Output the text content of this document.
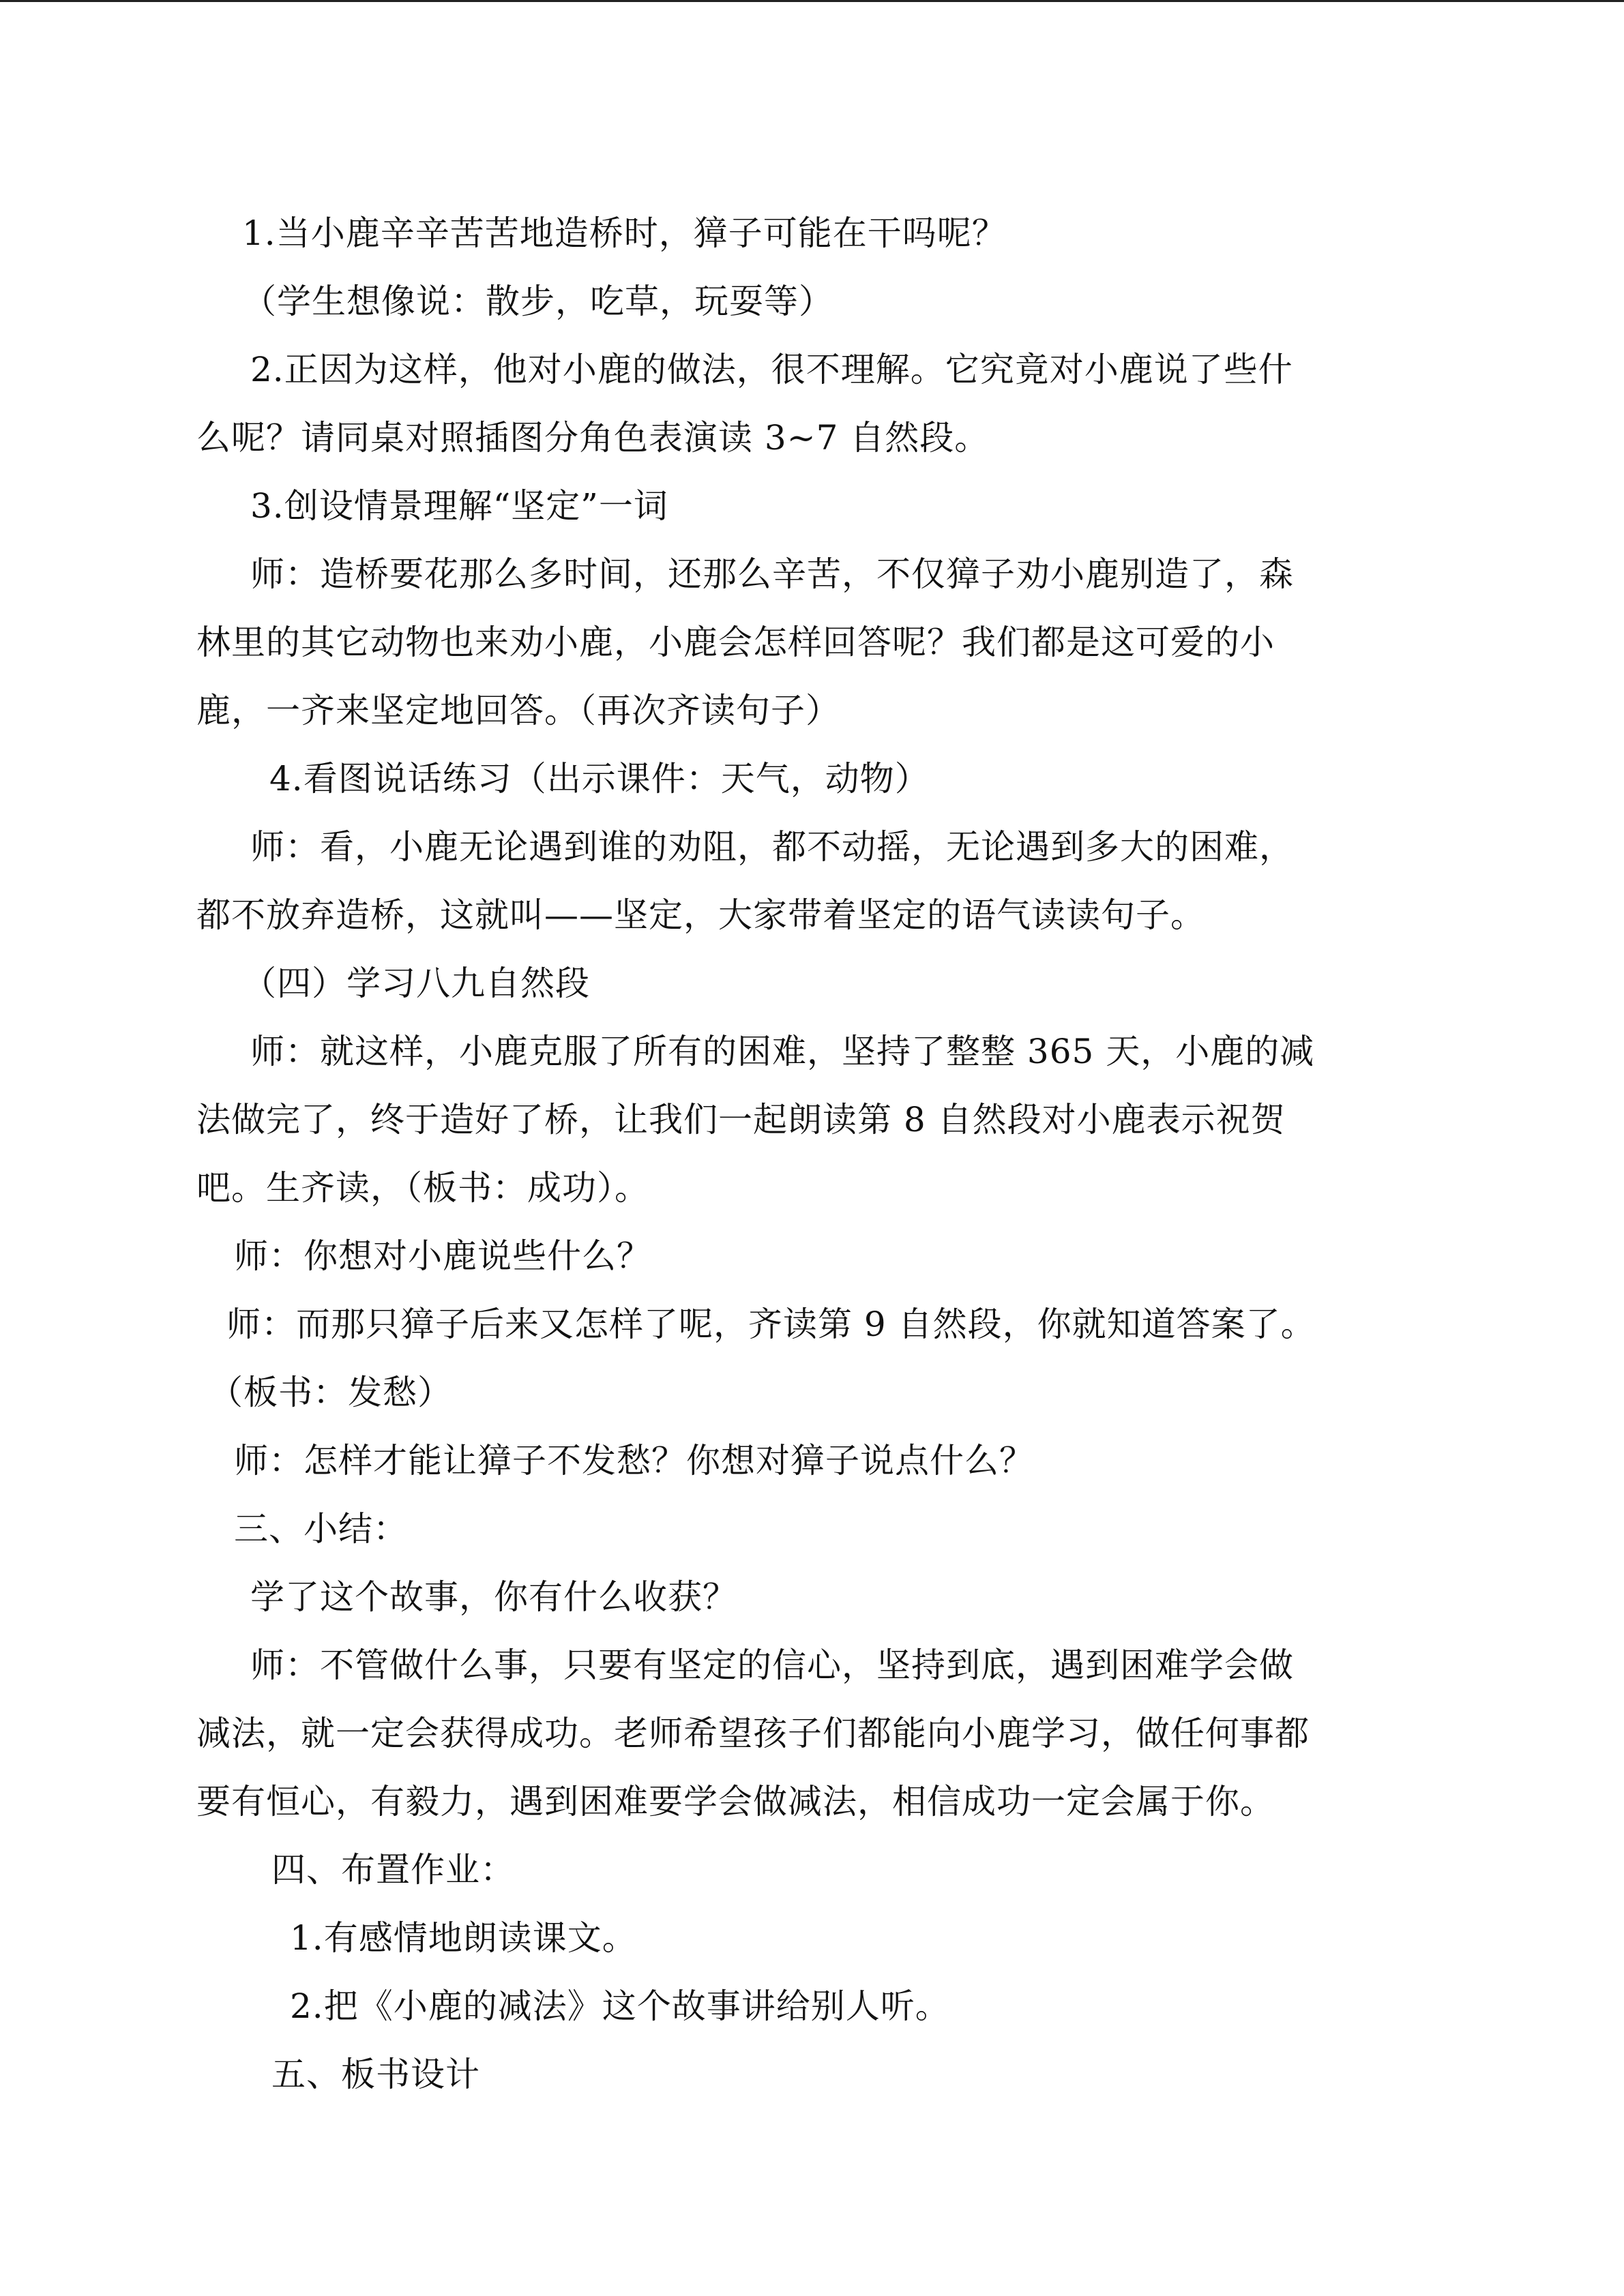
1.当小鹿辛辛苦苦地造桥时，獐子可能在干吗呢？
（学生想像说：散步，吃草，玩耍等）
2.正因为这样，他对小鹿的做法，很不理解。它究竟对小鹿说了些什
么呢？请同桌对照插图分角色表演读 3~7 自然段。
3.创设情景理解“坚定”一词
师：造桥要花那么多时间，还那么辛苦，不仅獐子劝小鹿别造了，森
林里的其它动物也来劝小鹿，小鹿会怎样回答呢？我们都是这可爱的小
鹿，一齐来坚定地回答。（再次齐读句子）
4.看图说话练习（出示课件：天气，动物）
师：看，小鹿无论遇到谁的劝阻，都不动摇，无论遇到多大的困难，
都不放弃造桥，这就叫——坚定，大家带着坚定的语气读读句子。
（四）学习八九自然段
师：就这样，小鹿克服了所有的困难，坚持了整整 365 天，小鹿的减
法做完了，终于造好了桥，让我们一起朗读第 8 自然段对小鹿表示祝贺
吧。生齐读，（板书：成功）。
师：你想对小鹿说些什么？
师：而那只獐子后来又怎样了呢，齐读第 9 自然段，你就知道答案了。
（板书：发愁）
师：怎样才能让獐子不发愁？你想对獐子说点什么？
三、小结：
学了这个故事，你有什么收获？
师：不管做什么事，只要有坚定的信心，坚持到底，遇到困难学会做
减法，就一定会获得成功。老师希望孩子们都能向小鹿学习，做任何事都
要有恒心，有毅力，遇到困难要学会做减法，相信成功一定会属于你。
四、布置作业：
1.有感情地朗读课文。
2.把《小鹿的减法》这个故事讲给别人听。
五、板书设计
